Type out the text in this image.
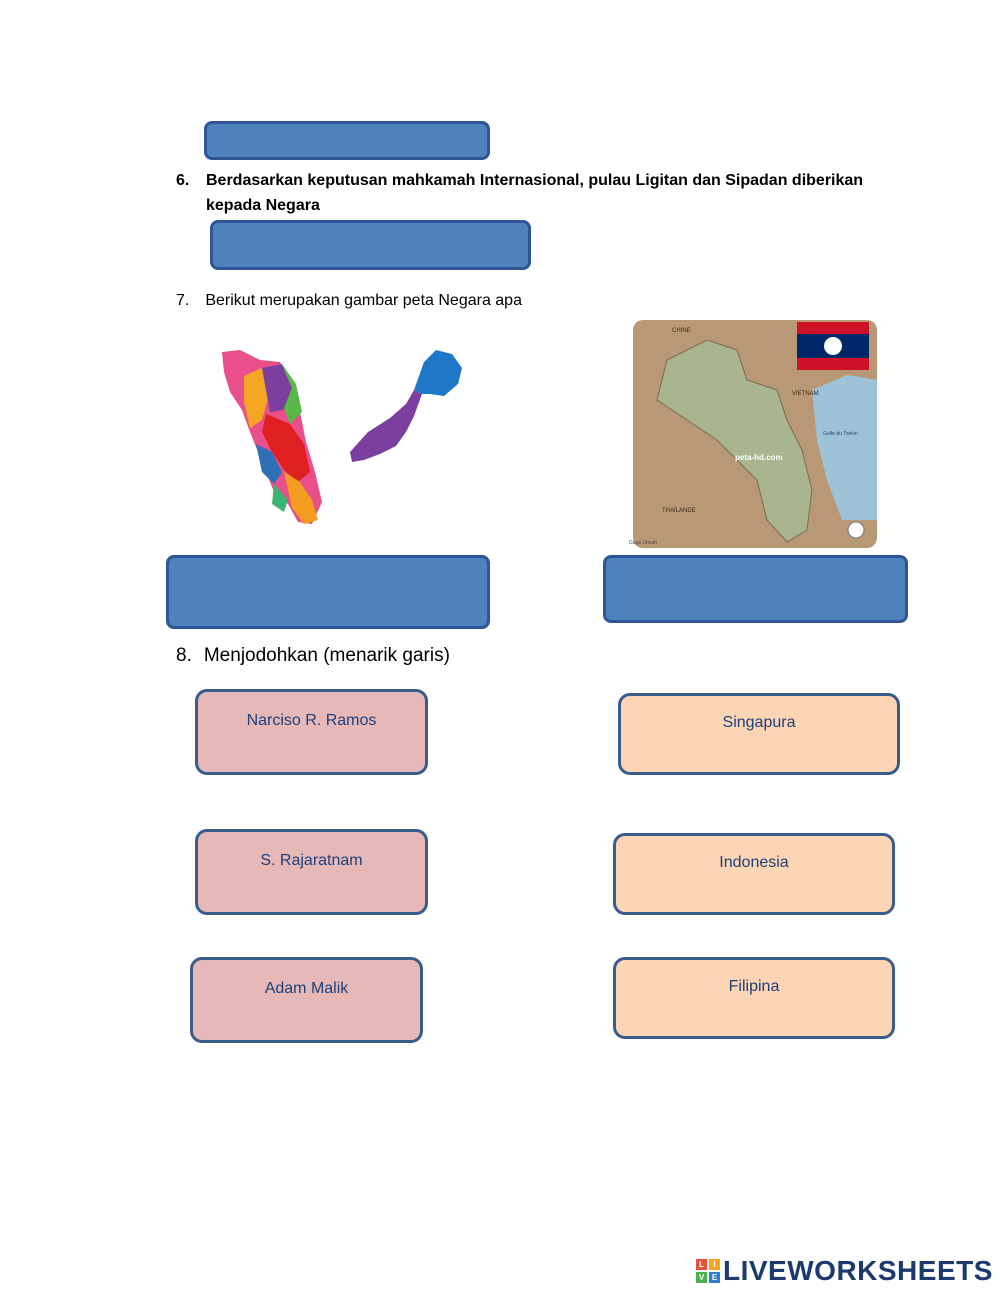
6. Berdasarkan keputusan mahkamah Internasional, pulau Ligitan dan Sipadan diberikan kepada Negara
7. Berikut merupakan gambar peta Negara apa
CHINE
VIETNAM
THAÏLANDE
Golfe du Tonkin
peta-hd.com
Gaya Umum
8. Menjodohkan (menarik garis)
Narciso R. Ramos
S. Rajaratnam
Adam Malik
Singapura
Indonesia
Filipina
L	I
V E LIVEWORKSHEETS
